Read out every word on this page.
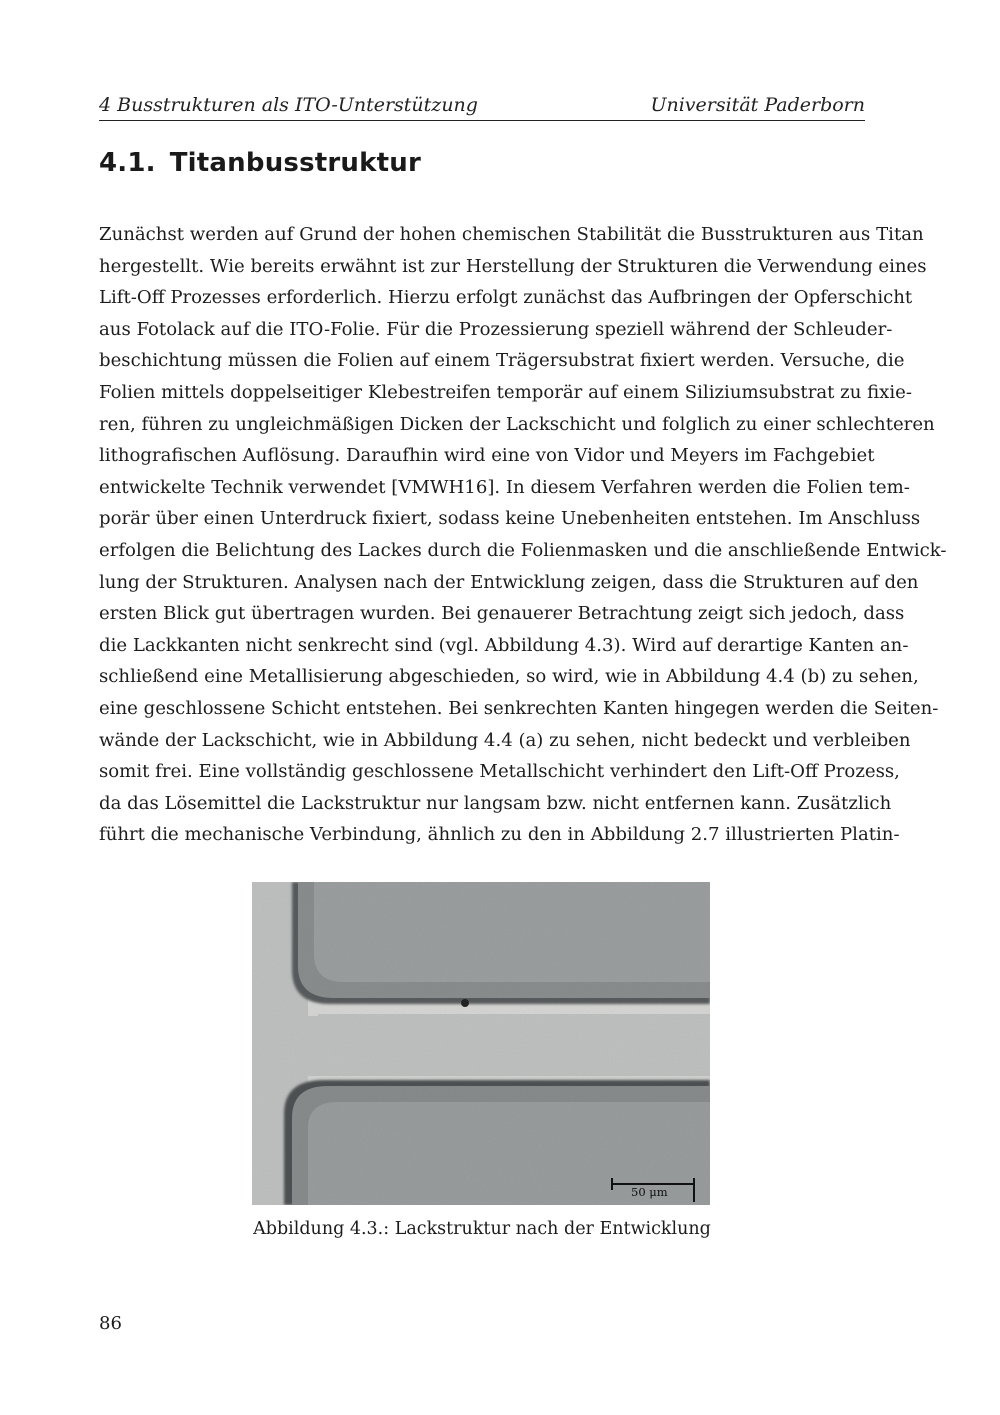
4 Busstrukturen als ITO-Unterstützung	Universität Paderborn
4.1. Titanbusstruktur
Zunächst werden auf Grund der hohen chemischen Stabilität die Busstrukturen aus Titan
hergestellt. Wie bereits erwähnt ist zur Herstellung der Strukturen die Verwendung eines
Lift-Off Prozesses erforderlich. Hierzu erfolgt zunächst das Aufbringen der Opferschicht
aus Fotolack auf die ITO-Folie. Für die Prozessierung speziell während der Schleuder-
beschichtung müssen die Folien auf einem Trägersubstrat fixiert werden. Versuche, die
Folien mittels doppelseitiger Klebestreifen temporär auf einem Siliziumsubstrat zu fixie-
ren, führen zu ungleichmäßigen Dicken der Lackschicht und folglich zu einer schlechteren
lithografischen Auflösung. Daraufhin wird eine von Vidor und Meyers im Fachgebiet
entwickelte Technik verwendet [VMWH16]. In diesem Verfahren werden die Folien tem-
porär über einen Unterdruck fixiert, sodass keine Unebenheiten entstehen. Im Anschluss
erfolgen die Belichtung des Lackes durch die Folienmasken und die anschließende Entwick-
lung der Strukturen. Analysen nach der Entwicklung zeigen, dass die Strukturen auf den
ersten Blick gut übertragen wurden. Bei genauerer Betrachtung zeigt sich jedoch, dass
die Lackkanten nicht senkrecht sind (vgl. Abbildung 4.3). Wird auf derartige Kanten an-
schließend eine Metallisierung abgeschieden, so wird, wie in Abbildung 4.4 (b) zu sehen,
eine geschlossene Schicht entstehen. Bei senkrechten Kanten hingegen werden die Seiten-
wände der Lackschicht, wie in Abbildung 4.4 (a) zu sehen, nicht bedeckt und verbleiben
somit frei. Eine vollständig geschlossene Metallschicht verhindert den Lift-Off Prozess,
da das Lösemittel die Lackstruktur nur langsam bzw. nicht entfernen kann. Zusätzlich
führt die mechanische Verbindung, ähnlich zu den in Abbildung 2.7 illustrierten Platin-
50 μm
Abbildung 4.3.: Lackstruktur nach der Entwicklung
86
